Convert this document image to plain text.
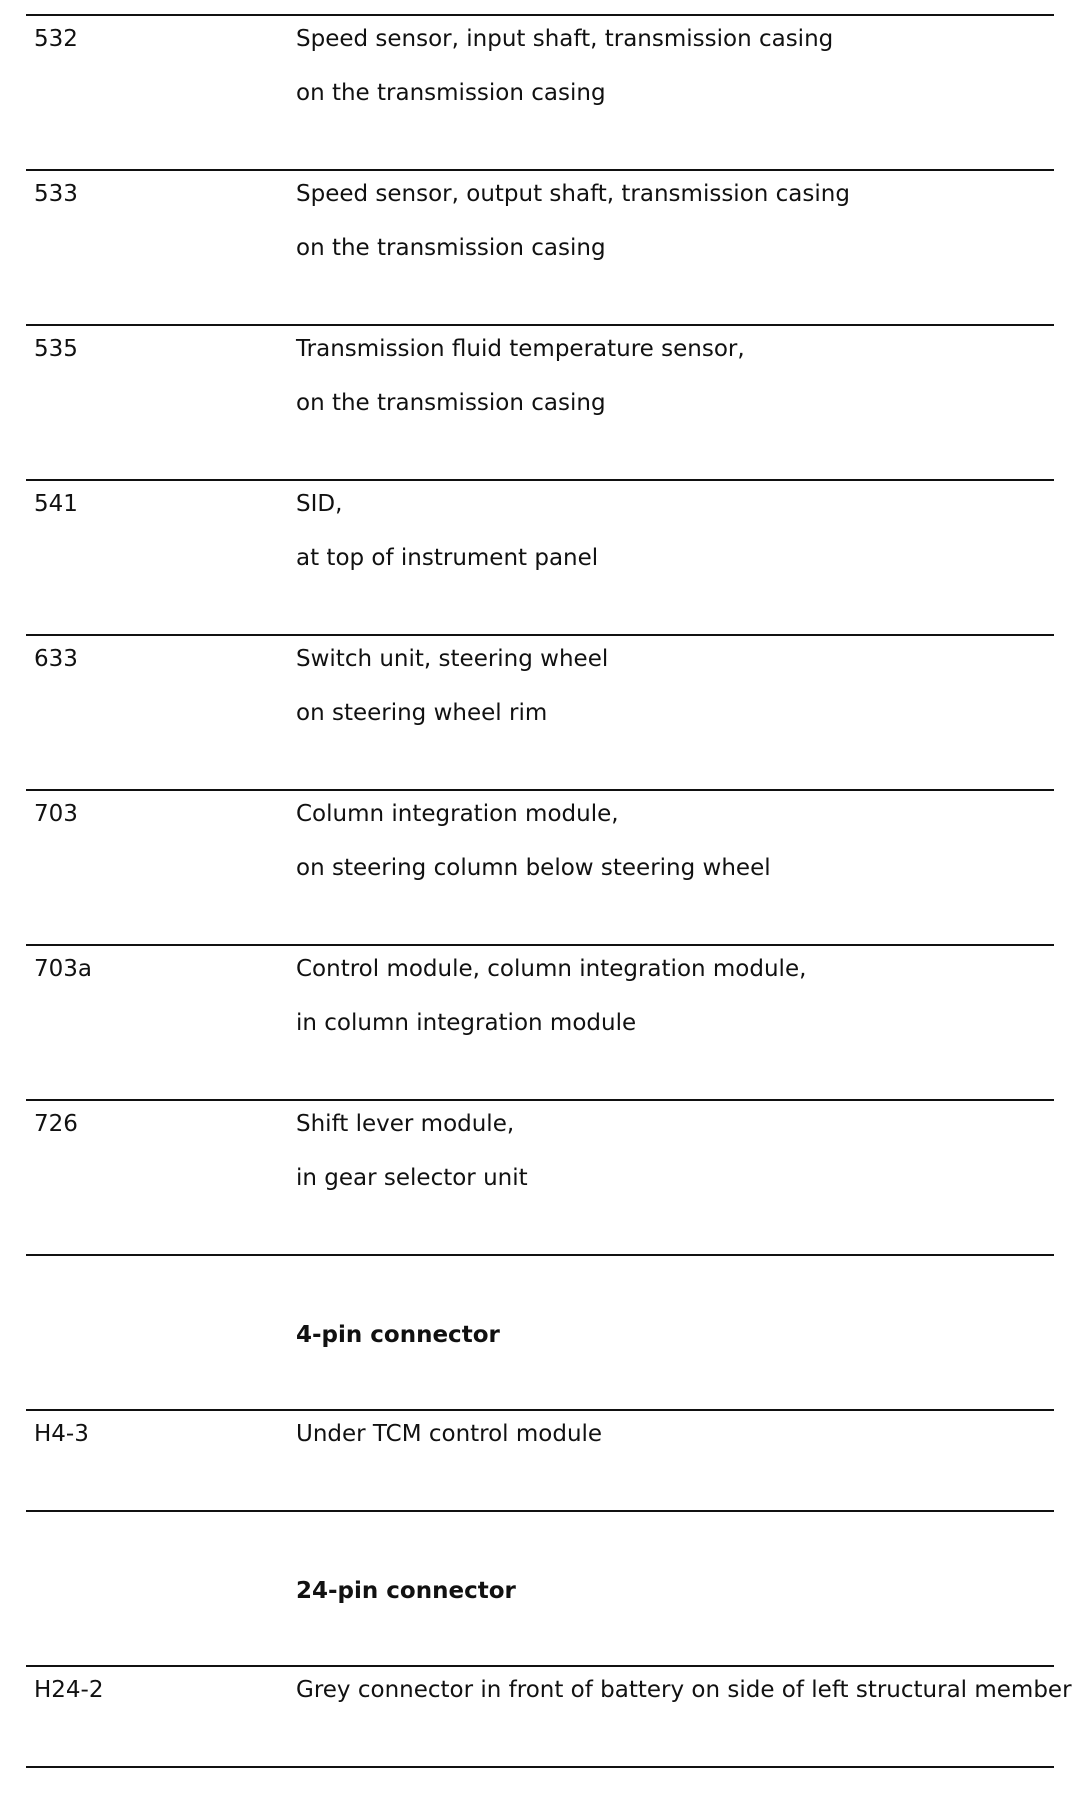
532	Speed sensor, input shaft, transmission casing
on the transmission casing
533	Speed sensor, output shaft, transmission casing
on the transmission casing
535	Transmission fluid temperature sensor,
on the transmission casing
541	SID,
at top of instrument panel
633	Switch unit, steering wheel
on steering wheel rim
703	Column integration module,
on steering column below steering wheel
703a	Control module, column integration module,
in column integration module
726	Shift lever module,
in gear selector unit
4-pin connector
H4-3	Under TCM control module
24-pin connector
H24-2	Grey connector in front of battery on side of left structural member
